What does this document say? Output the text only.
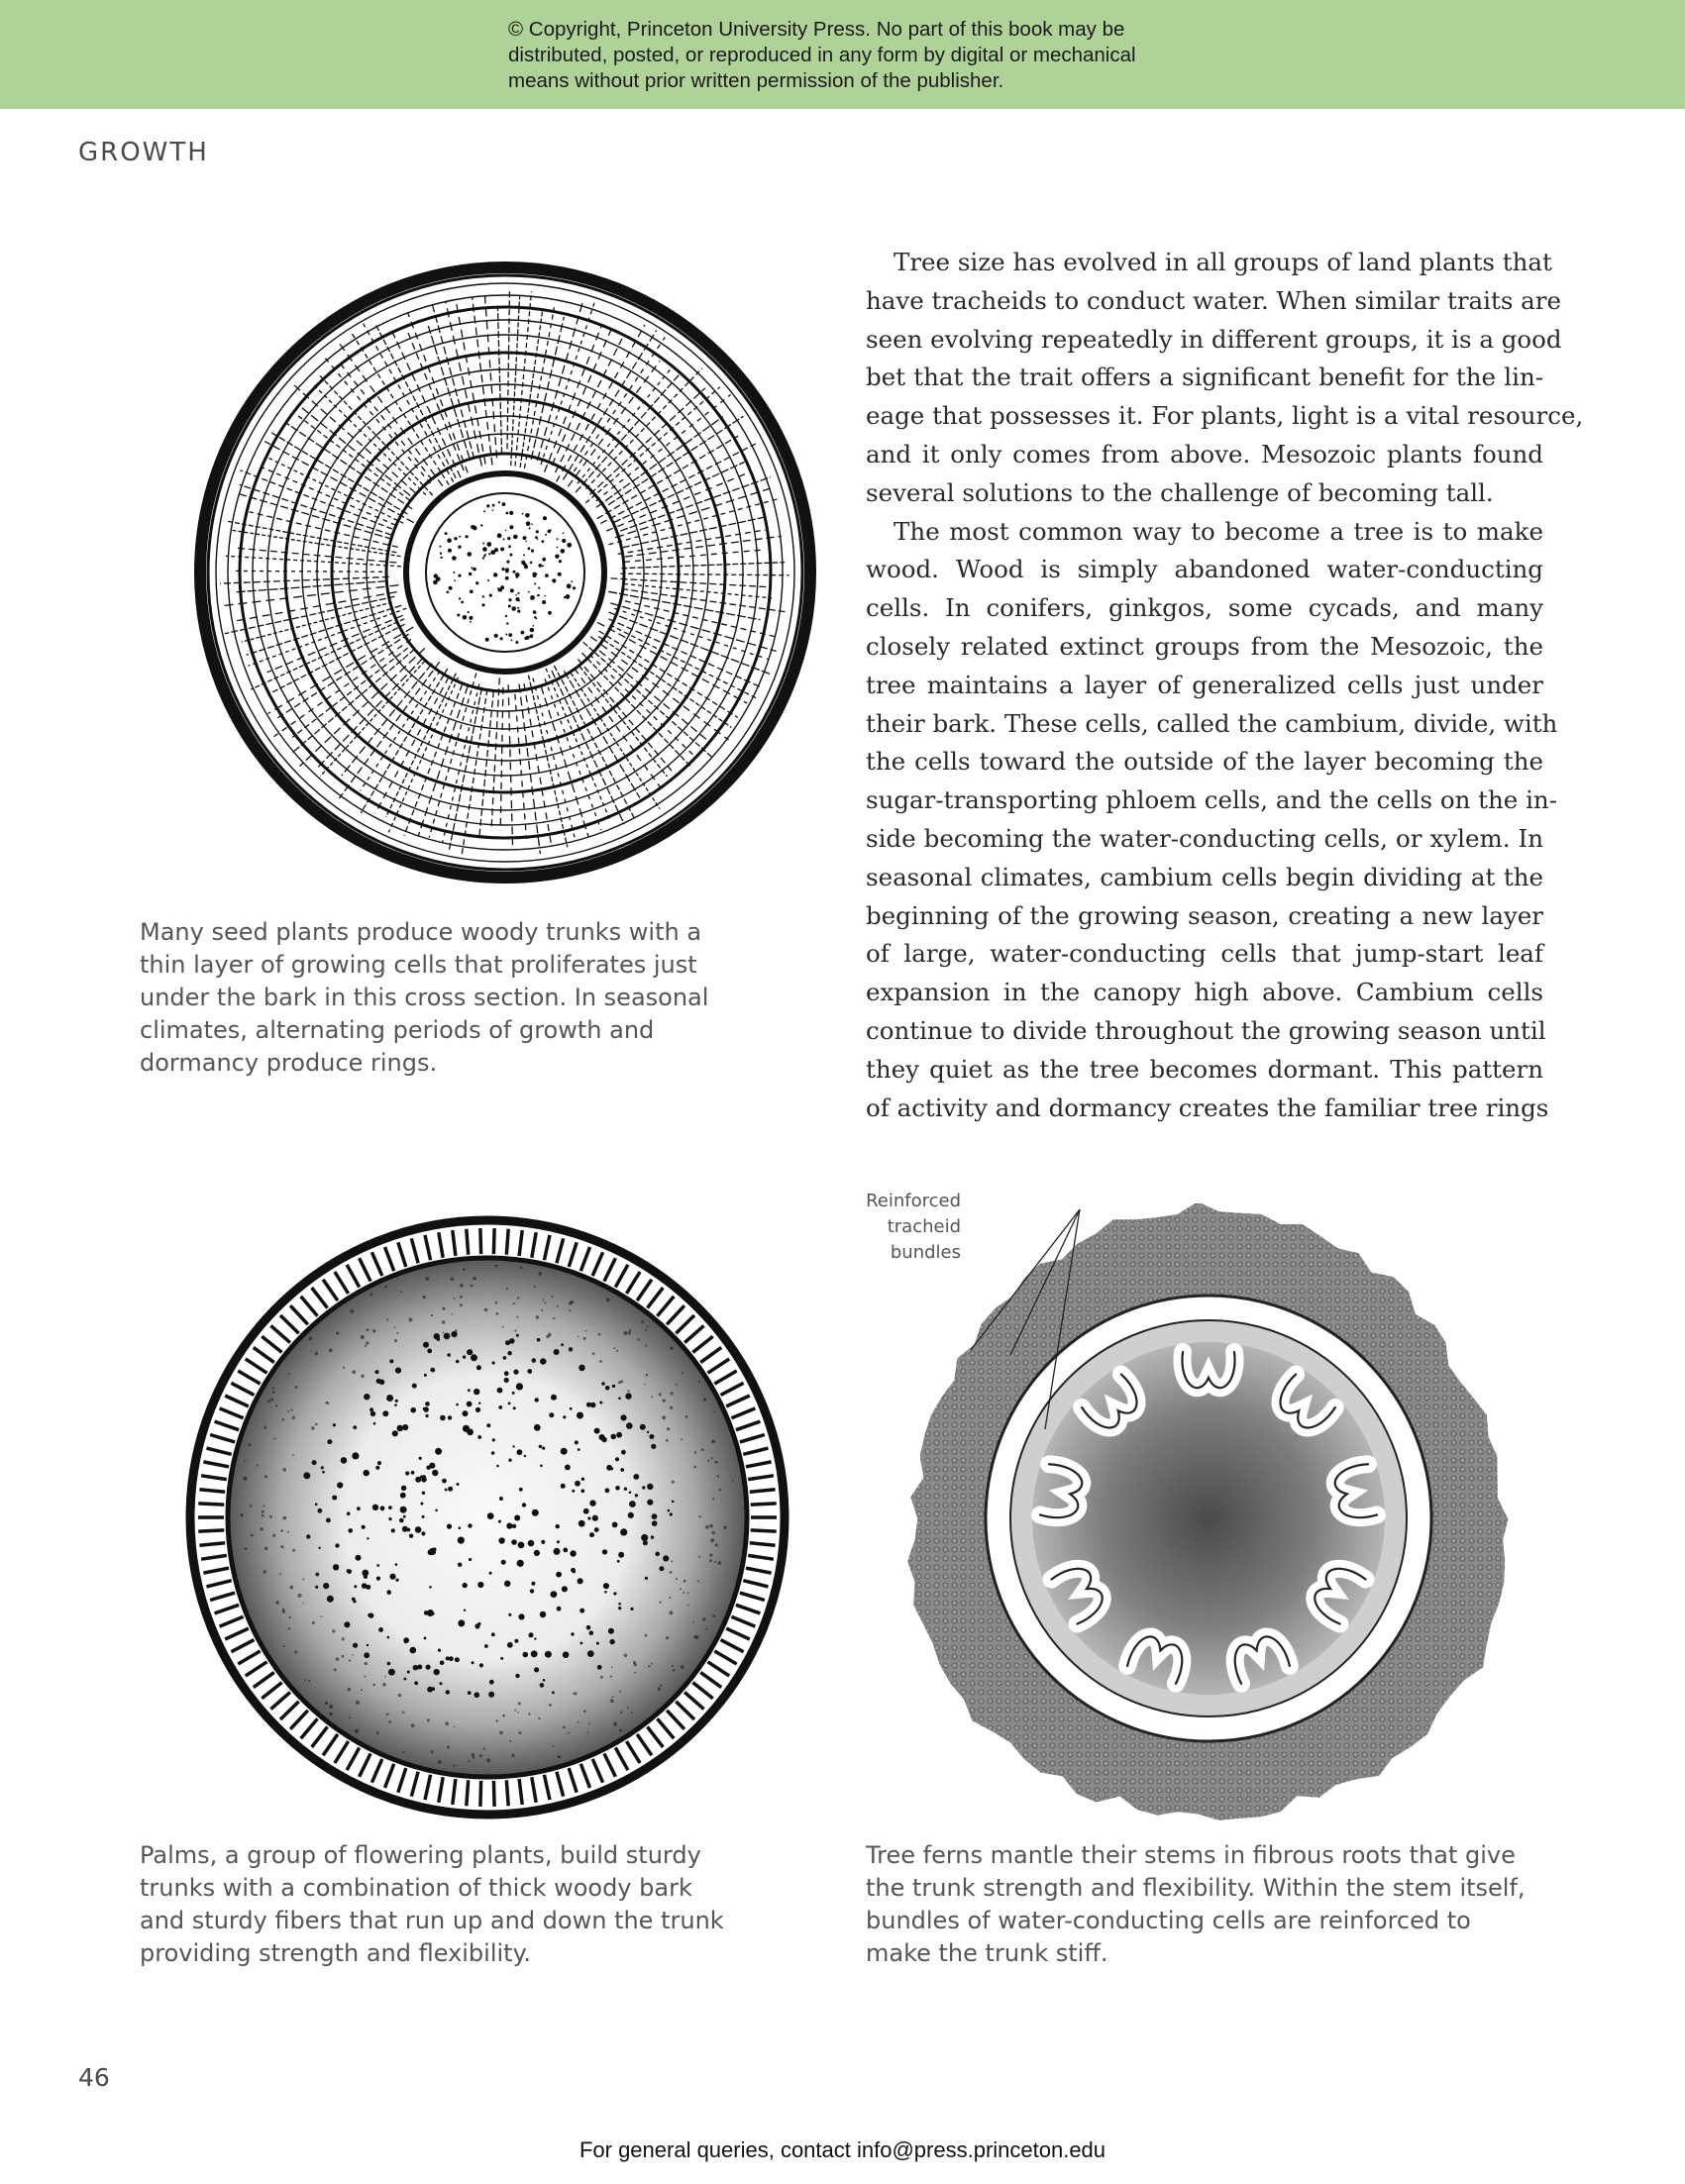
© Copyright, Princeton University Press. No part of this book may be
distributed, posted, or reproduced in any form by digital or mechanical
means without prior written permission of the publisher.
GROWTH
Many seed plants produce woody trunks with a
thin layer of growing cells that proliferates just
under the bark in this cross section. In seasonal
climates, alternating periods of growth and
dormancy produce rings.
Tree size has evolved in all groups of land plants that
have tracheids to conduct water. When similar traits are
seen evolving repeatedly in different groups, it is a good
bet that the trait offers a significant benefit for the lin-
eage that possesses it. For plants, light is a vital resource,
and it only comes from above. Mesozoic plants found
several solutions to the challenge of becoming tall.
The most common way to become a tree is to make
wood. Wood is simply abandoned water-conducting
cells. In conifers, ginkgos, some cycads, and many
closely related extinct groups from the Mesozoic, the
tree maintains a layer of generalized cells just under
their bark. These cells, called the cambium, divide, with
the cells toward the outside of the layer becoming the
sugar-transporting phloem cells, and the cells on the in-
side becoming the water-conducting cells, or xylem. In
seasonal climates, cambium cells begin dividing at the
beginning of the growing season, creating a new layer
of large, water-conducting cells that jump-start leaf
expansion in the canopy high above. Cambium cells
continue to divide throughout the growing season until
they quiet as the tree becomes dormant. This pattern
of activity and dormancy creates the familiar tree rings
Palms, a group of flowering plants, build sturdy
trunks with a combination of thick woody bark
and sturdy fibers that run up and down the trunk
providing strength and flexibility.
Reinforced
tracheid
bundles
Tree ferns mantle their stems in fibrous roots that give
the trunk strength and flexibility. Within the stem itself,
bundles of water-conducting cells are reinforced to
make the trunk stiff.
46
For general queries, contact info@press.princeton.edu
